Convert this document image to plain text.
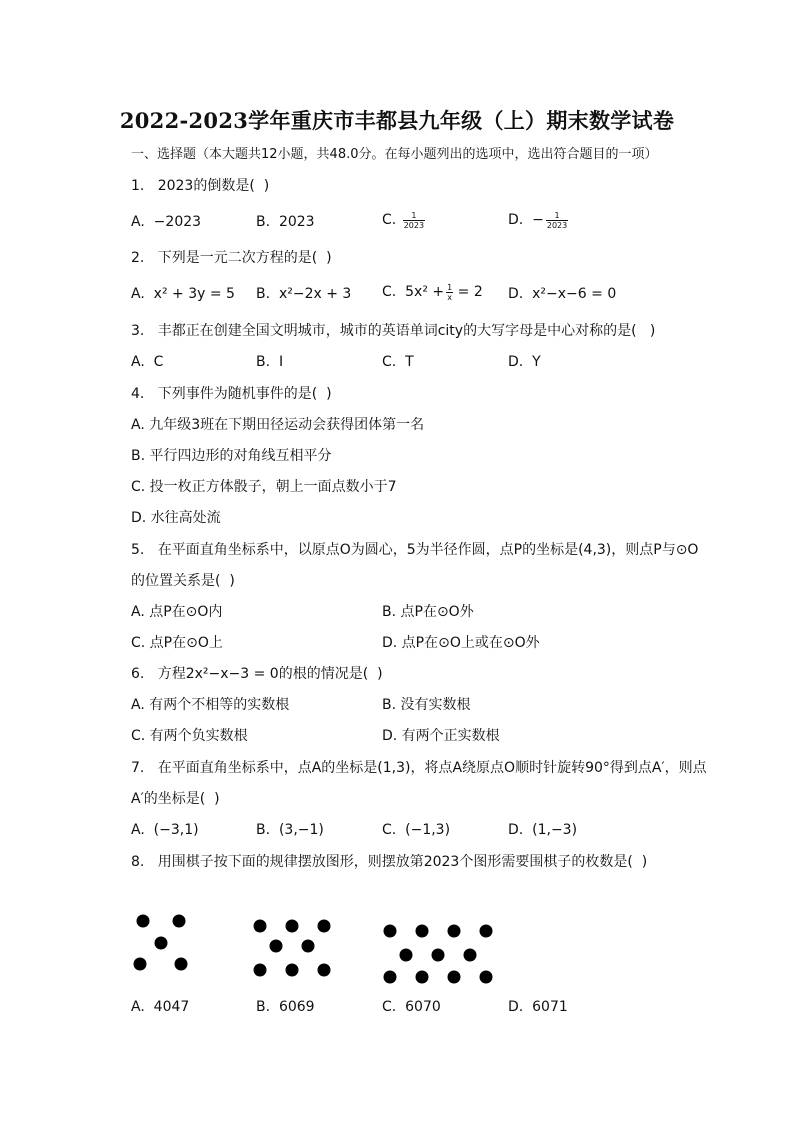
2022-2023学年重庆市丰都县九年级（上）期末数学试卷
一、选择题（本大题共12小题，共48.0分。在每小题列出的选项中，选出符合题目的一项）
1.   2023的倒数是(  )
A.  −2023	B.  2023	C. $\frac{1}{2023}$	D.  − $\frac{1}{2023}$
2.   下列是一元二次方程的是(  )
A.  x² + 3y = 5 B.  x²−2x + 3 C.  $5x^2 + \frac{1}{x} = 2$ D.  x²−x−6 = 0
3.   丰都正在创建全国文明城市，城市的英语单词city的大写字母是中心对称的是(   )
A.  C	B.  I	C.  T	D.  Y
4.   下列事件为随机事件的是(  )
A. 九年级3班在下期田径运动会获得团体第一名
B. 平行四边形的对角线互相平分
C. 投一枚正方体骰子，朝上一面点数小于7
D. 水往高处流
5.   在平面直角坐标系中，以原点O为圆心，5为半径作圆，点P的坐标是(4,3)，则点P与⊙O
的位置关系是(  )
A. 点P在⊙O内	B. 点P在⊙O外
C. 点P在⊙O上	D. 点P在⊙O上或在⊙O外
6.   方程2x²−x−3 = 0的根的情况是(  )
A. 有两个不相等的实数根	B. 没有实数根
C. 有两个负实数根	D. 有两个正实数根
7.   在平面直角坐标系中，点A的坐标是(1,3)，将点A绕原点O顺时针旋转90°得到点A′，则点
A′的坐标是(  )
A.  (−3,1)	B.  (3,−1)	C.  (−1,3)	D.  (1,−3)
8.   用围棋子按下面的规律摆放图形，则摆放第2023个图形需要围棋子的枚数是(  )
A.  4047	B.  6069	C.  6070	D.  6071
